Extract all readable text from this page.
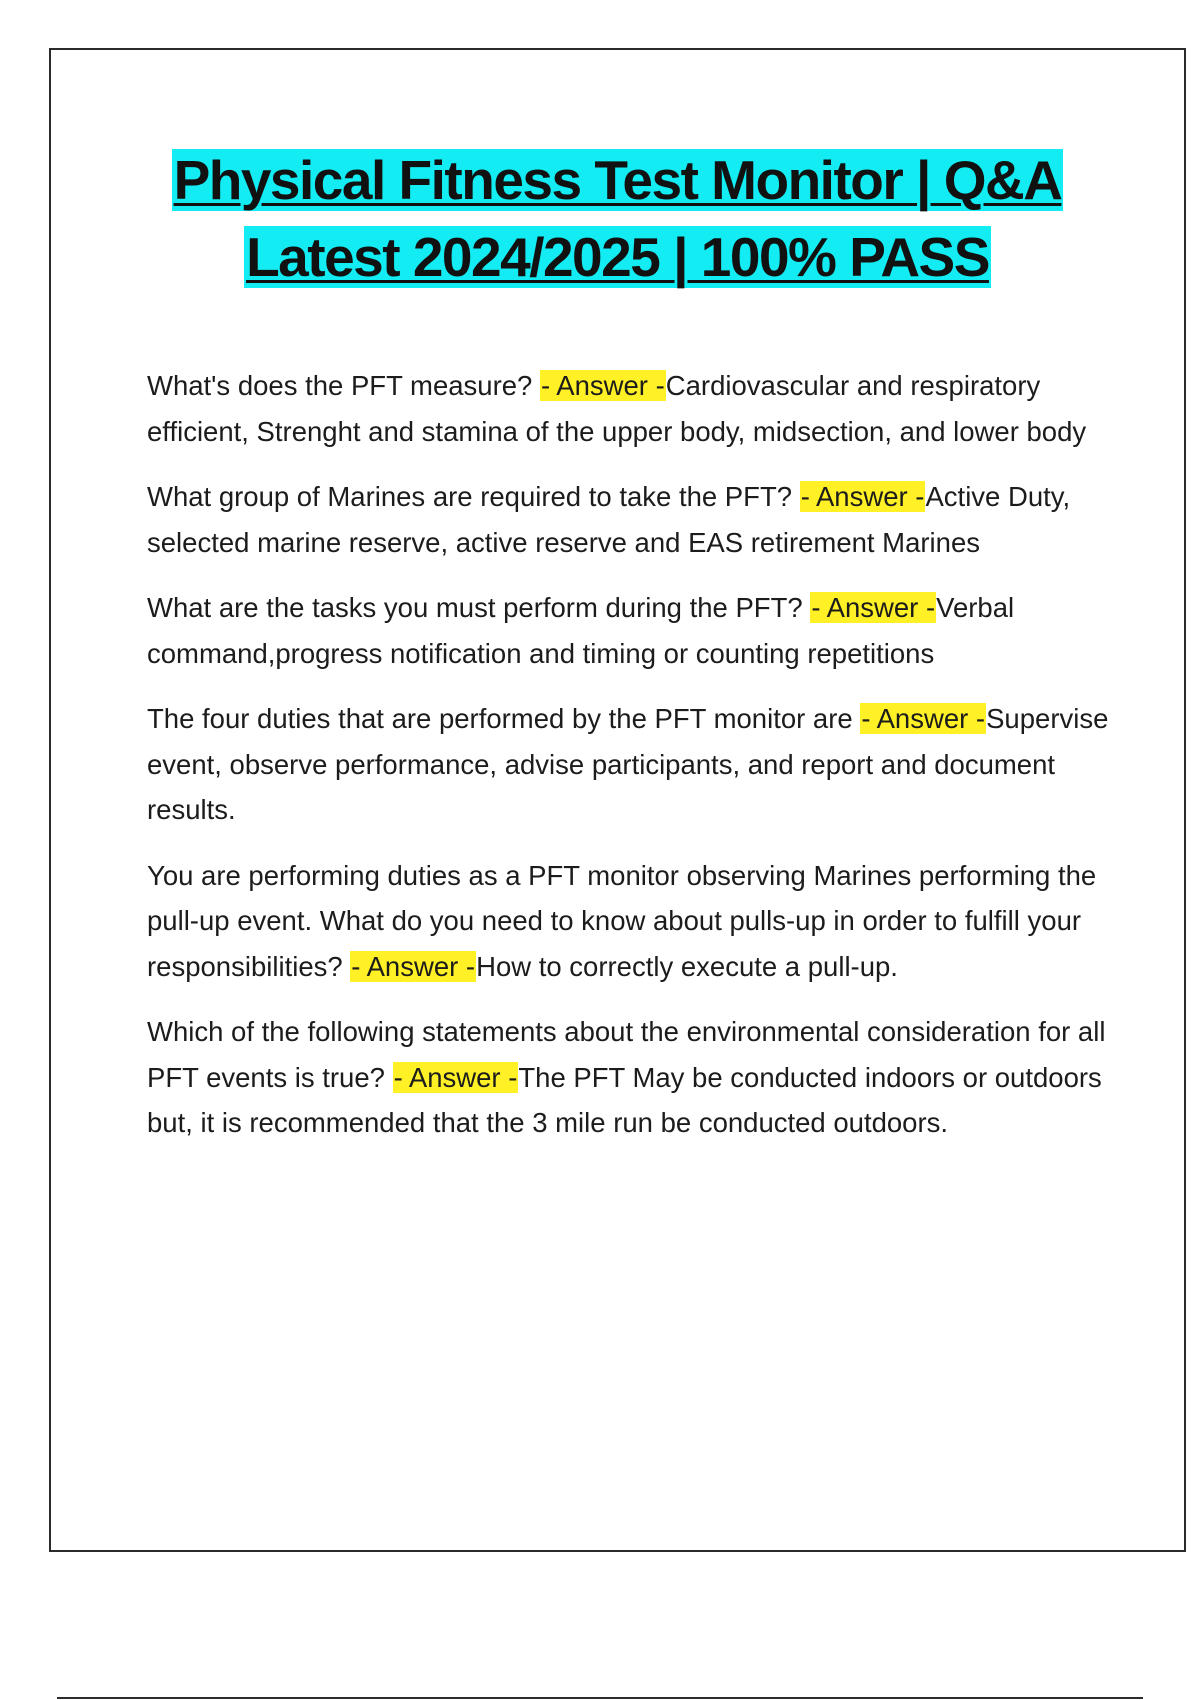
Physical Fitness Test Monitor | Q&A
Latest 2024/2025 | 100% PASS

What's does the PFT measure? - Answer -Cardiovascular and respiratory efficient, Strenght and stamina of the upper body, midsection, and lower body

What group of Marines are required to take the PFT? - Answer -Active Duty, selected marine reserve, active reserve and EAS retirement Marines

What are the tasks you must perform during the PFT? - Answer -Verbal command,progress notification and timing or counting repetitions

The four duties that are performed by the PFT monitor are - Answer -Supervise event, observe performance, advise participants, and report and document results.

You are performing duties as a PFT monitor observing Marines performing the pull-up event. What do you need to know about pulls-up in order to fulfill your responsibilities? - Answer -How to correctly execute a pull-up.

Which of the following statements about the environmental consideration for all PFT events is true? - Answer -The PFT May be conducted indoors or outdoors but, it is recommended that the 3 mile run be conducted outdoors.
